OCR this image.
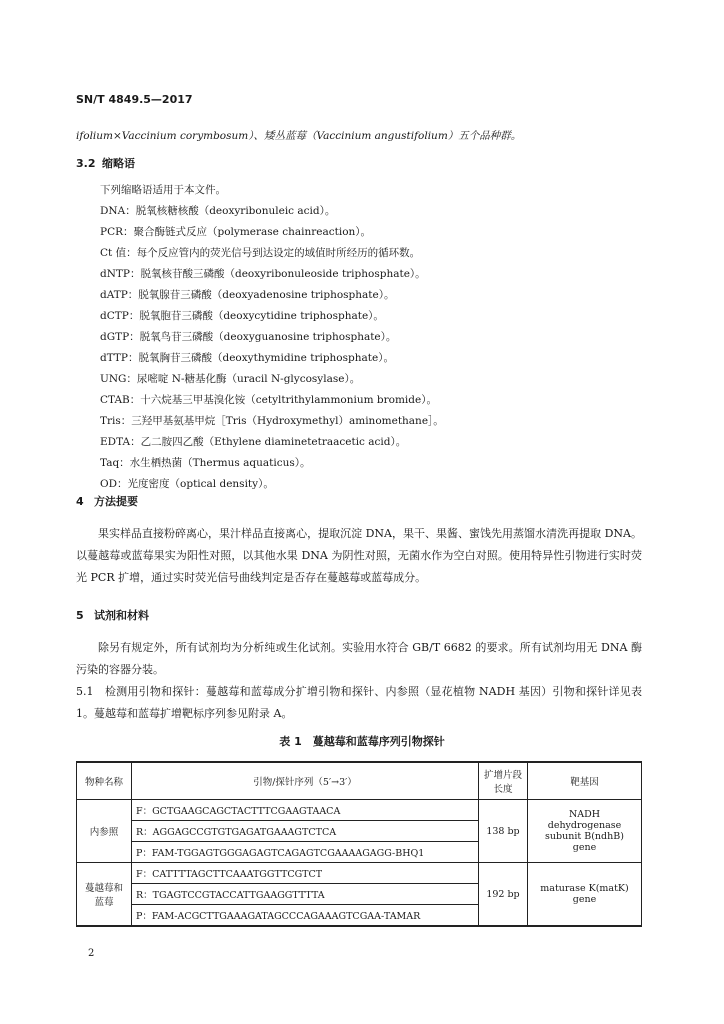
SN/T 4849.5—2017
ifolium×Vaccinium corymbosum）、矮丛蓝莓（Vaccinium angustifolium）五个品种群。
3.2 缩略语
下列缩略语适用于本文件。
DNA：脱氧核糖核酸（deoxyribonuleic acid）。
PCR：聚合酶链式反应（polymerase chainreaction）。
Ct 值：每个反应管内的荧光信号到达设定的域值时所经历的循环数。
dNTP：脱氧核苷酸三磷酸（deoxyribonuleoside triphosphate）。
dATP：脱氧腺苷三磷酸（deoxyadenosine triphosphate）。
dCTP：脱氧胞苷三磷酸（deoxycytidine triphosphate）。
dGTP：脱氧鸟苷三磷酸（deoxyguanosine triphosphate）。
dTTP：脱氧胸苷三磷酸（deoxythymidine triphosphate）。
UNG：尿嘧啶 N-糖基化酶（uracil N-glycosylase）。
CTAB：十六烷基三甲基溴化铵（cetyltrithylammonium bromide）。
Tris：三羟甲基氨基甲烷［Tris（Hydroxymethyl）aminomethane］。
EDTA：乙二胺四乙酸（Ethylene diaminetetraacetic acid）。
Taq：水生栖热菌（Thermus aquaticus）。
OD：光度密度（optical density）。
4 方法提要
果实样品直接粉碎离心，果汁样品直接离心，提取沉淀 DNA，果干、果酱、蜜饯先用蒸馏水清洗再提取 DNA。以蔓越莓或蓝莓果实为阳性对照，以其他水果 DNA 为阴性对照，无菌水作为空白对照。使用特异性引物进行实时荧光 PCR 扩增，通过实时荧光信号曲线判定是否存在蔓越莓或蓝莓成分。
5 试剂和材料
除另有规定外，所有试剂均为分析纯或生化试剂。实验用水符合 GB/T 6682 的要求。所有试剂均用无 DNA 酶污染的容器分装。
5.1　检测用引物和探针：蔓越莓和蓝莓成分扩增引物和探针、内参照（显花植物 NADH 基因）引物和探针详见表 1。蔓越莓和蓝莓扩增靶标序列参见附录 A。
表 1　蔓越莓和蓝莓序列引物探针
物种名称	引物/探针序列（5′→3′）	扩增片段长度	靶基因
内参照	F：GCTGAAGCAGCTACTTTCGAAGTAACA	138 bp	NADH dehydrogenase subunit B(ndhB) gene
	R：AGGAGCCGTGTGAGATGAAAGTCTCA		
	P：FAM-TGGAGTGGGAGAGTCAGAGTCGAAAAGAGG-BHQ1		
蔓越莓和蓝莓	F：CATTTTAGCTTCAAATGGTTCGTCT	192 bp	maturase K(matK) gene
	R：TGAGTCCGTACCATTGAAGGTTTTA		
	P：FAM-ACGCTTGAAAGATAGCCCAGAAAGTCGAA-TAMAR		
2
